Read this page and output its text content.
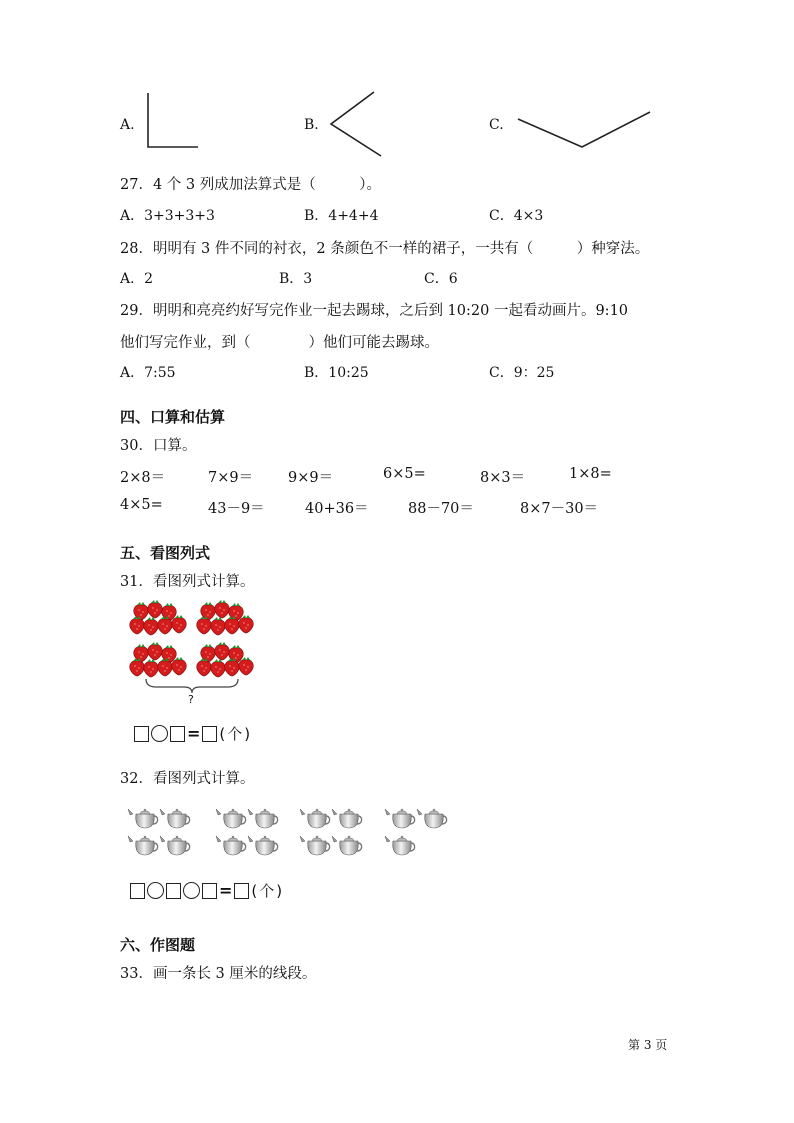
A.	B.	C.
27．4 个 3 列成加法算式是（　　　）。
A．3+3+3+3	B．4+4+4	C．4×3
28．明明有 3 件不同的衬衣，2 条颜色不一样的裙子，一共有（　　　）种穿法。
A．2	B．3	C．6
29．明明和亮亮约好写完作业一起去踢球，之后到 10:20 一起看动画片。9:10
他们写完作业，到（　　　　）他们可能去踢球。
A．7:55	B．10:25	C．9：25
四、口算和估算
30．口算。
2×8＝	7×9＝ 9×9＝	6×5=	8×3＝	1×8=
4×5=	43－9＝	40+36＝	88－70＝	8×7－30＝
五、看图列式
31．看图列式计算。
?
= ( 个 )
32．看图列式计算。
= ( 个 )
六、作图题
33．画一条长 3 厘米的线段。
第 3 页
